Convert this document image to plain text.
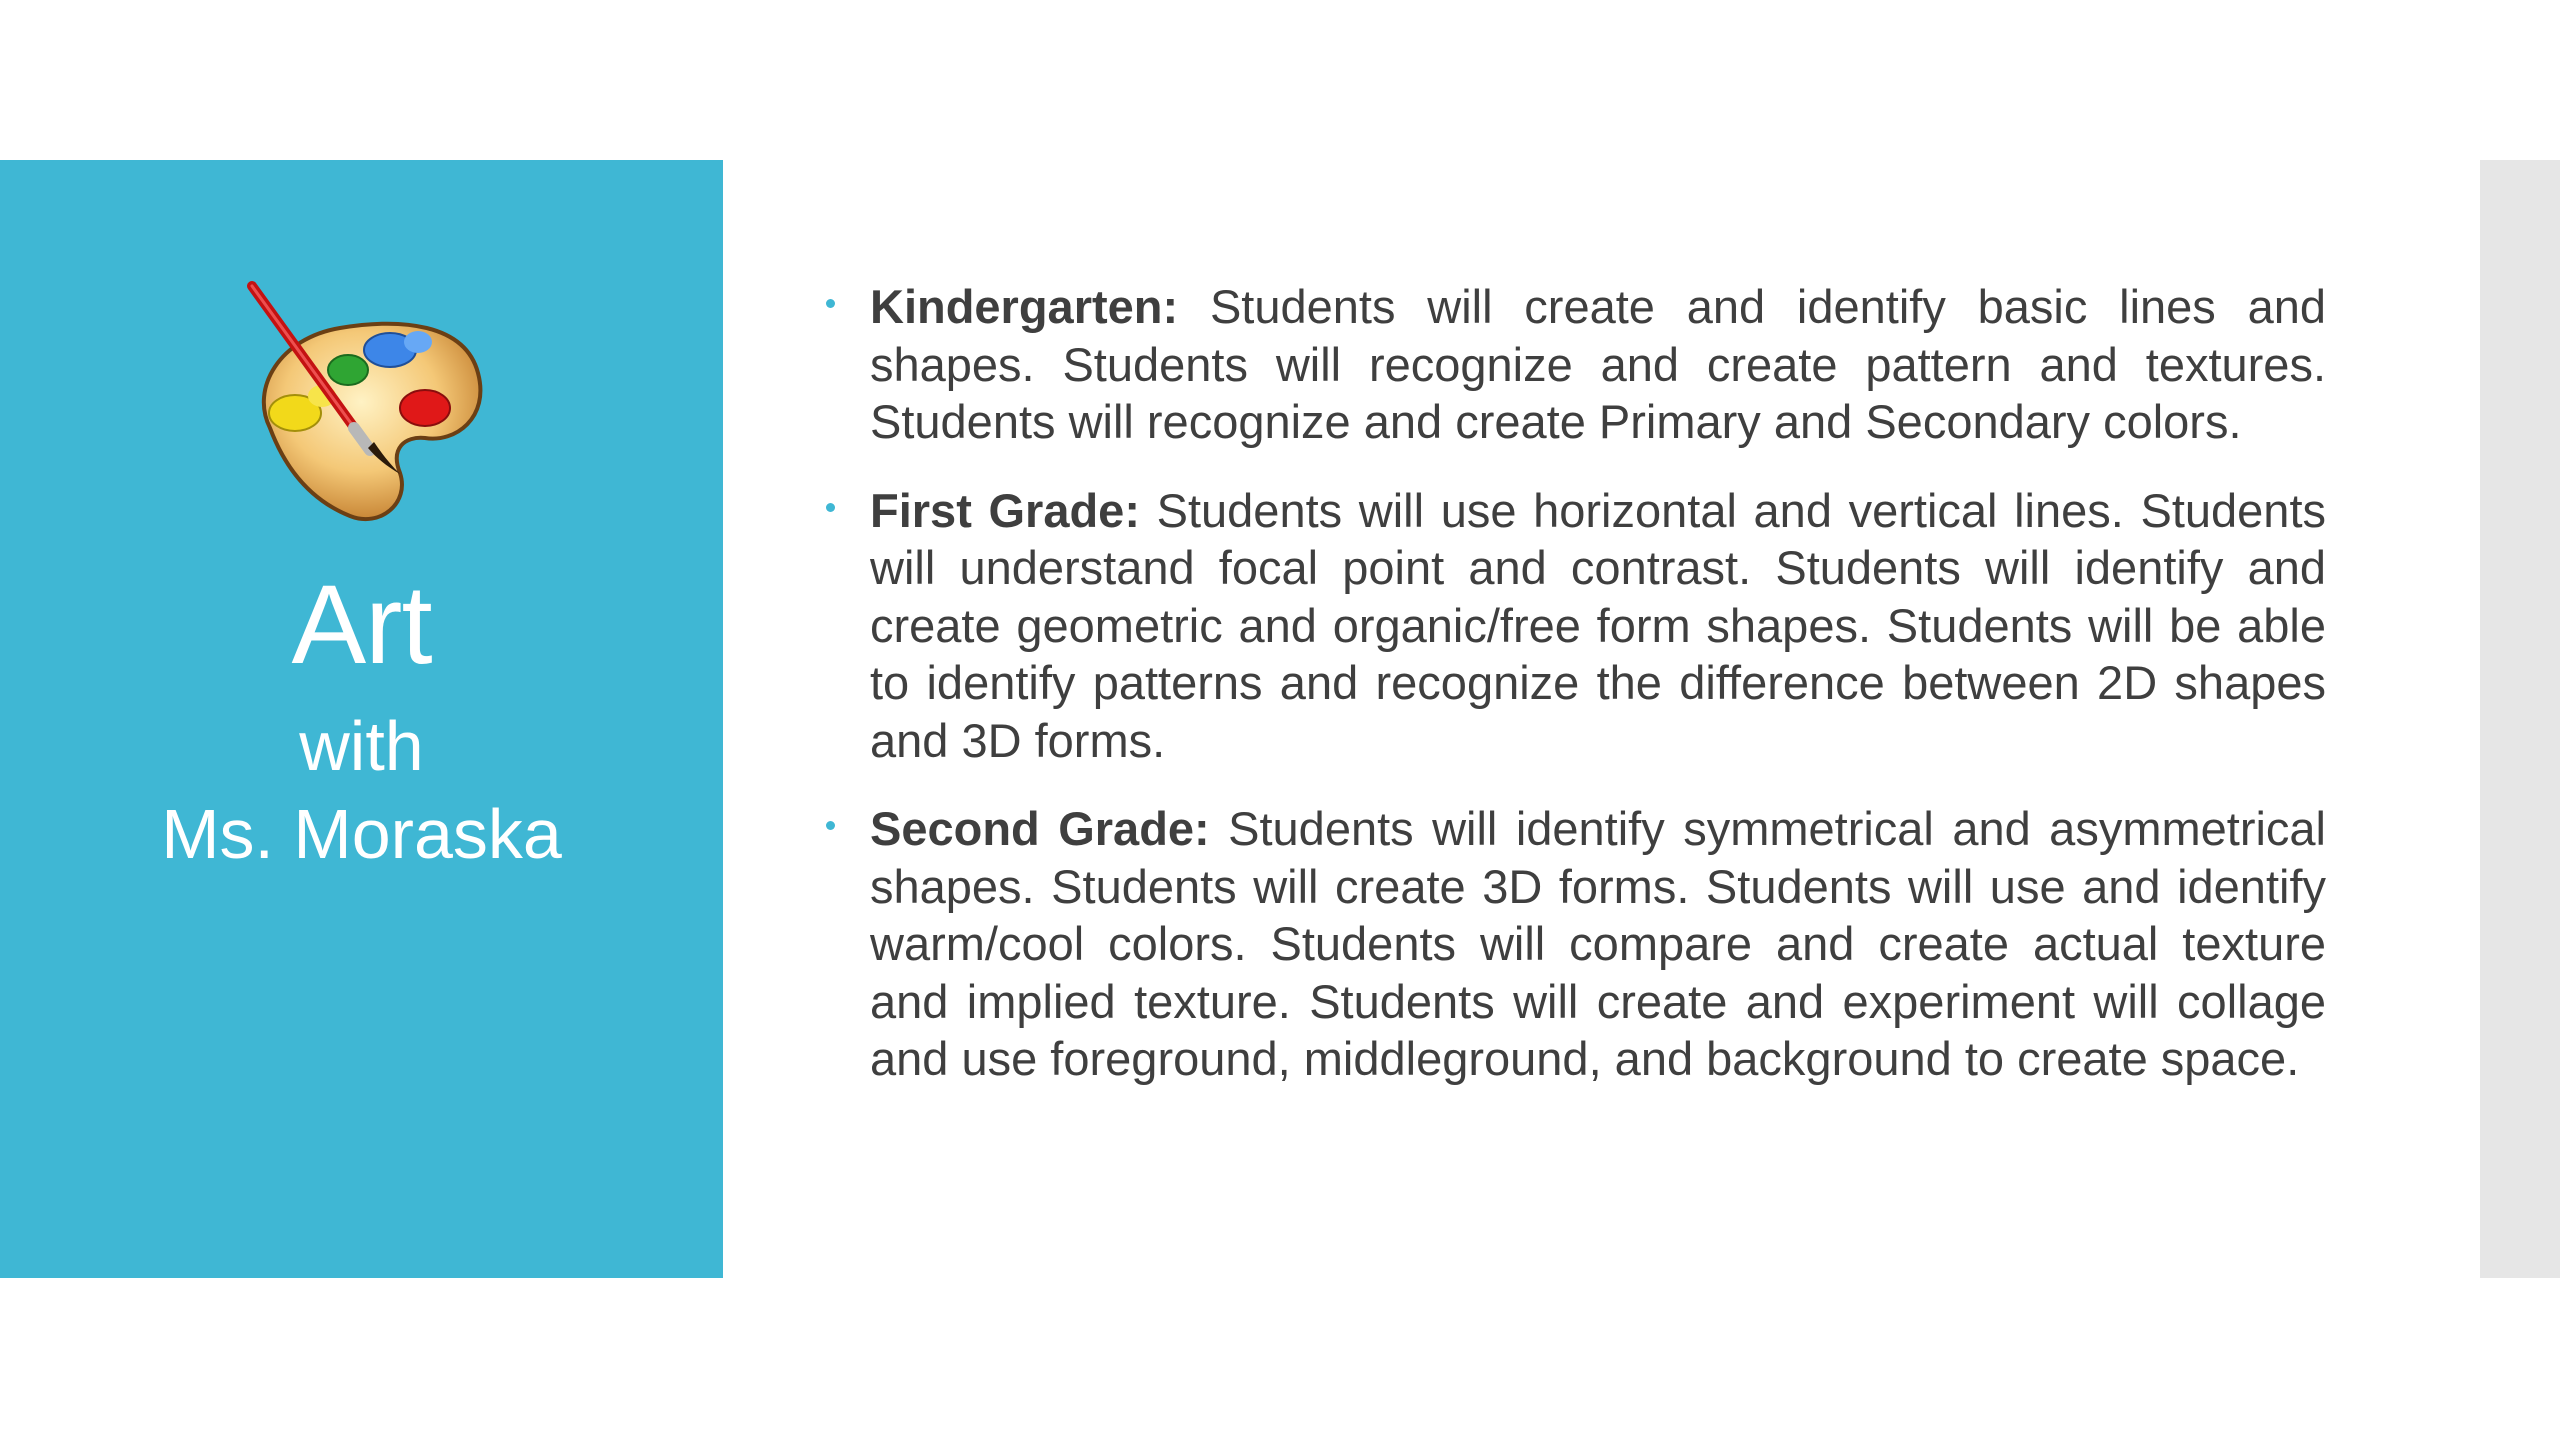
Art
with
Ms. Moraska
Kindergarten: Students will create and identify basic lines and shapes. Students will recognize and create pattern and textures. Students will recognize and create Primary and Secondary colors.
First Grade: Students will use horizontal and vertical lines. Students will understand focal point and contrast. Students will identify and create geometric and organic/free form shapes. Students will be able to identify patterns and recognize the difference between 2D shapes and 3D forms.
Second Grade: Students will identify symmetrical and asymmetrical shapes. Students will create 3D forms. Students will use and identify warm/cool colors. Students will compare and create actual texture and implied texture. Students will create and experiment will collage and use foreground, middleground, and background to create space.
